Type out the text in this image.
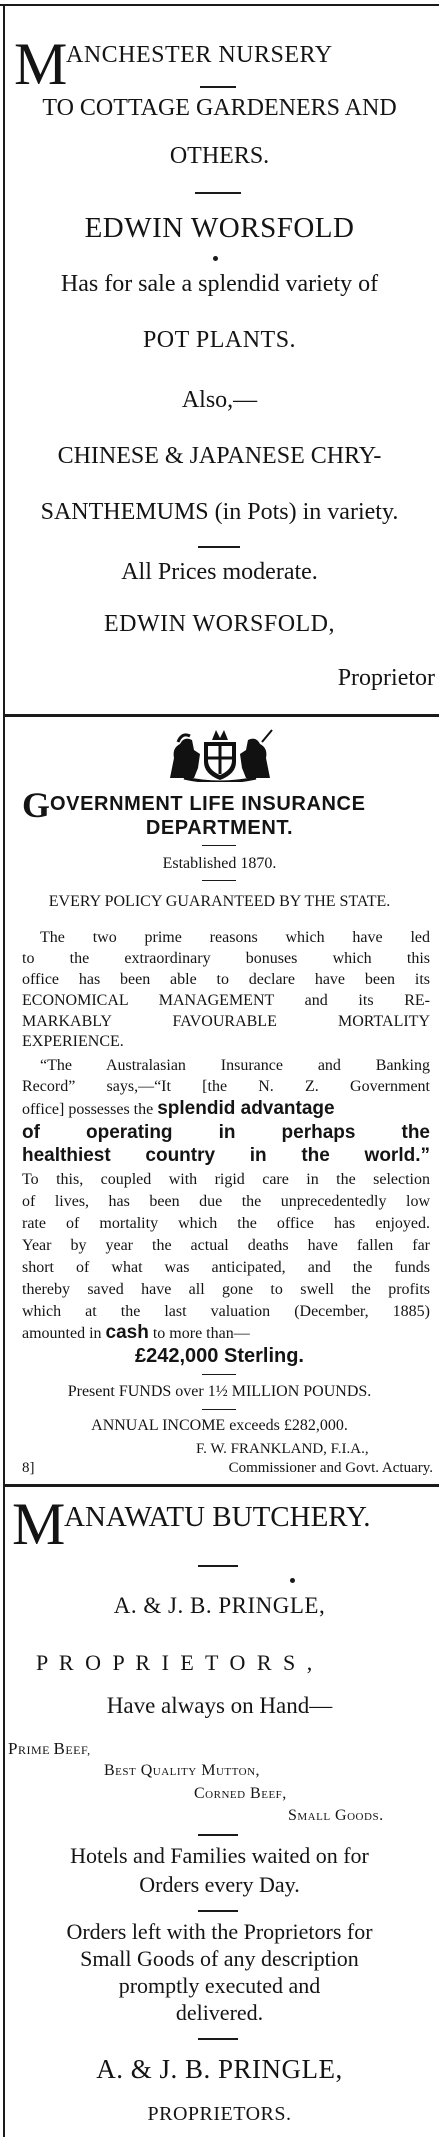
M
ANCHESTER NURSERY
TO COTTAGE GARDENERS AND
OTHERS.
EDWIN WORSFOLD
Has for sale a splendid variety of
POT PLANTS.
Also,—
CHINESE & JAPANESE CHRY-
SANTHEMUMS (in Pots) in variety.
All Prices moderate.
EDWIN WORSFOLD,
Proprietor
G OVERNMENT LIFE INSURANCE
DEPARTMENT.
Established 1870.
EVERY POLICY GUARANTEED BY THE STATE.
The two prime reasons which have led
to the extraordinary bonuses which this
office has been able to declare have been its
ECONOMICAL MANAGEMENT and its RE-
MARKABLY FAVOURABLE MORTALITY
EXPERIENCE.
“The Australasian Insurance and Banking
Record” says,—“It [the N. Z. Government
office] possesses the splendid advantage
of operating in perhaps the
healthiest country in the world.”
To this, coupled with rigid care in the selection
of lives, has been due the unprecedentedly low
rate of mortality which the office has enjoyed.
Year by year the actual deaths have fallen far
short of what was anticipated, and the funds
thereby saved have all gone to swell the profits
which at the last valuation (December, 1885)
amounted in cash to more than—
£242,000 Sterling.
Present FUNDS over 1½ MILLION POUNDS.
ANNUAL INCOME exceeds £282,000.
F. W. FRANKLAND, F.I.A.,
8]	Commissioner and Govt. Actuary.
M
ANAWATU BUTCHERY.
A. & J. B. PRINGLE,
P R O P R I E T O R S ,
Have always on Hand—
PRIME BEEF,
Best Quality Mutton,
Corned Beef,
Small Goods.
Hotels and Families waited on for
Orders every Day.
Orders left with the Proprietors for
Small Goods of any description
promptly executed and
delivered.
A. & J. B. PRINGLE,
PROPRIETORS.
